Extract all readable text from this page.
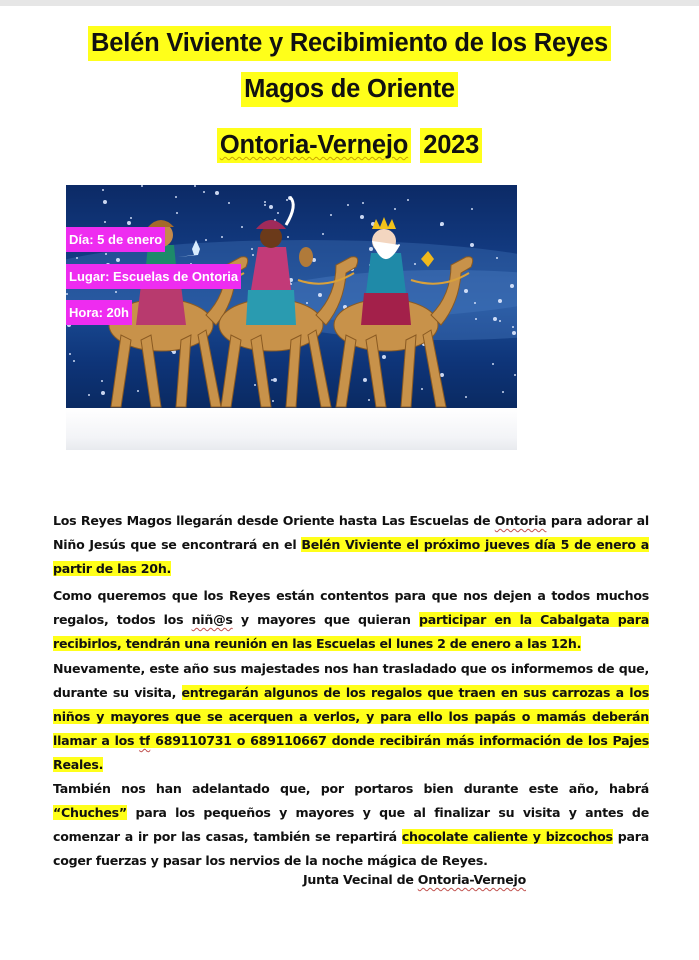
Belén Viviente y Recibimiento de los Reyes
Magos de Oriente
Ontoria-Vernejo 2023
Día: 5 de enero
Lugar: Escuelas de Ontoria
Hora: 20h
Los Reyes Magos llegarán desde Oriente hasta Las Escuelas de Ontoria para adorar al Niño Jesús que se encontrará en el Belén Viviente el próximo jueves día 5 de enero a partir de las 20h.
Como queremos que los Reyes están contentos para que nos dejen a todos muchos regalos, todos los niñ@s y mayores que quieran participar en la Cabalgata para recibirlos, tendrán una reunión en las Escuelas el lunes 2 de enero a las 12h.
Nuevamente, este año sus majestades nos han trasladado que os informemos de que, durante su visita, entregarán algunos de los regalos que traen en sus carrozas a los niños y mayores que se acerquen a verlos, y para ello los papás o mamás deberán llamar a los tf 689110731 o 689110667 donde recibirán más información de los Pajes Reales.
También nos han adelantado que, por portaros bien durante este año, habrá “Chuches” para los pequeños y mayores y que al finalizar su visita y antes de comenzar a ir por las casas, también se repartirá chocolate caliente y bizcochos para coger fuerzas y pasar los nervios de la noche mágica de Reyes.
Junta Vecinal de Ontoria-Vernejo
